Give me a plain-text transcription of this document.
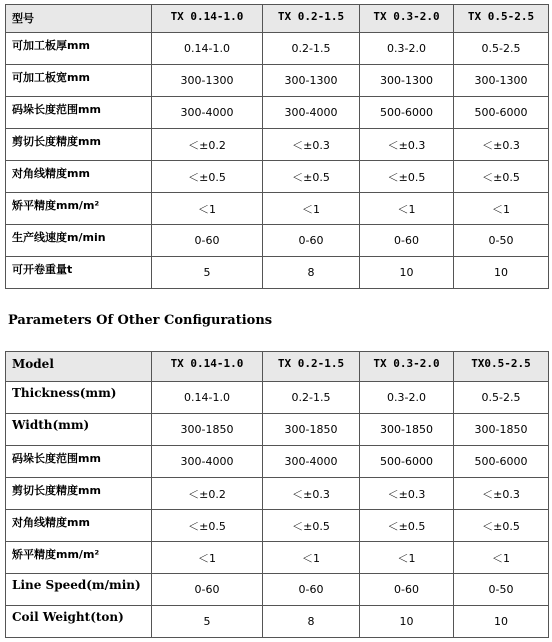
型号	TX 0.14-1.0	TX 0.2-1.5	TX 0.3-2.0	TX 0.5-2.5
可加工板厚mm	0.14-1.0	0.2-1.5	0.3-2.0	0.5-2.5
可加工板宽mm	300-1300	300-1300	300-1300	300-1300
码垛长度范围mm	300-4000	300-4000	500-6000	500-6000
剪切长度精度mm	＜±0.2	＜±0.3	＜±0.3	＜±0.3
对角线精度mm	＜±0.5	＜±0.5	＜±0.5	＜±0.5
矫平精度mm/m²	＜1	＜1	＜1	＜1
生产线速度m/min	0-60	0-60	0-60	0-50
可开卷重量t	5	8	10	10
Parameters Of Other Configurations
Model	TX 0.14-1.0	TX 0.2-1.5	TX 0.3-2.0	TX0.5-2.5
Thickness(mm)	0.14-1.0	0.2-1.5	0.3-2.0	0.5-2.5
Width(mm)	300-1850	300-1850	300-1850	300-1850
码垛长度范围mm	300-4000	300-4000	500-6000	500-6000
剪切长度精度mm	＜±0.2	＜±0.3	＜±0.3	＜±0.3
对角线精度mm	＜±0.5	＜±0.5	＜±0.5	＜±0.5
矫平精度mm/m²	＜1	＜1	＜1	＜1
Line Speed(m/min)	0-60	0-60	0-60	0-50
Coil Weight(ton)	5	8	10	10
